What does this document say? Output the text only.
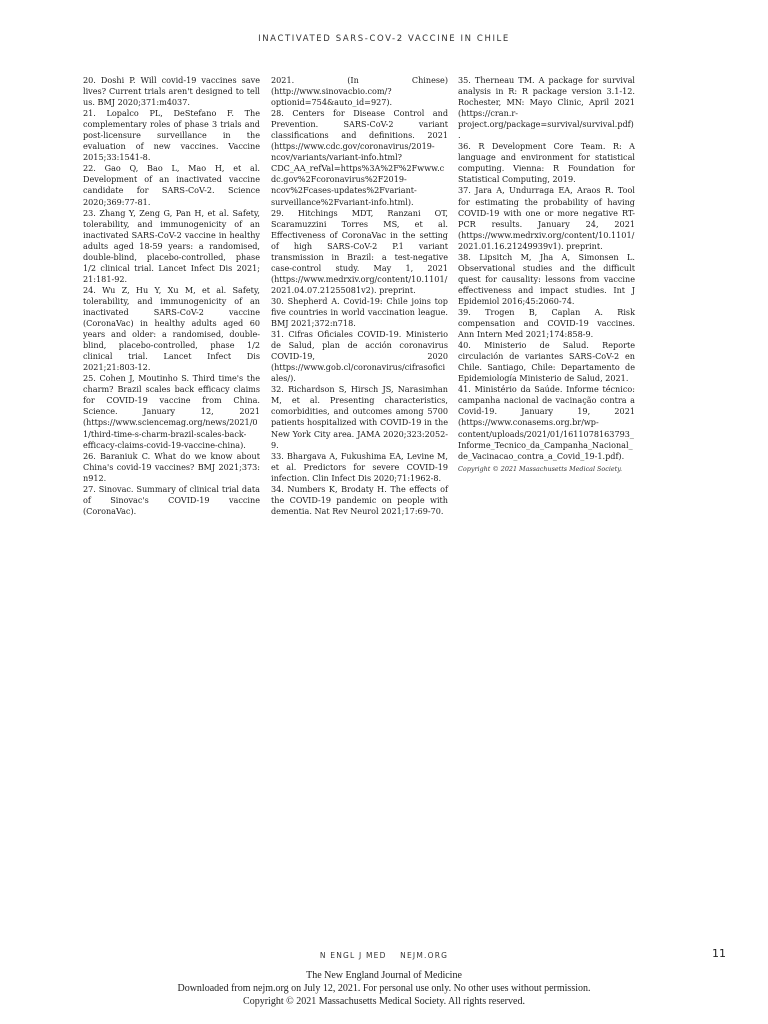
INACTIVATED SARS-COV-2 VACCINE IN CHILE

20. Doshi P. Will covid-19 vaccines save lives? Current trials aren't designed to tell us. BMJ 2020;371:m4037.

21. Lopalco PL, DeStefano F. The complementary roles of phase 3 trials and post-licensure surveillance in the evaluation of new vaccines. Vaccine 2015;33:1541-8.

22. Gao Q, Bao L, Mao H, et al. Development of an inactivated vaccine candidate for SARS-CoV-2. Science 2020;369:77-81.

23. Zhang Y, Zeng G, Pan H, et al. Safety, tolerability, and immunogenicity of an inactivated SARS-CoV-2 vaccine in healthy adults aged 18-59 years: a randomised, double-blind, placebo-controlled, phase 1/2 clinical trial. Lancet Infect Dis 2021; 21:181-92.

24. Wu Z, Hu Y, Xu M, et al. Safety, tolerability, and immunogenicity of an inactivated SARS-CoV-2 vaccine (CoronaVac) in healthy adults aged 60 years and older: a randomised, double-blind, placebo-controlled, phase 1/2 clinical trial. Lancet Infect Dis 2021;21:803-12.

25. Cohen J, Moutinho S. Third time's the charm? Brazil scales back efficacy claims for COVID-19 vaccine from China. Science. January 12, 2021 (https://www.sciencemag.org/news/2021/01/third-time-s-charm-brazil-scales-back-efficacy-claims-covid-19-vaccine-china).

26. Baraniuk C. What do we know about China's covid-19 vaccines? BMJ 2021;373: n912.

27. Sinovac. Summary of clinical trial data of Sinovac's COVID-19 vaccine (CoronaVac).

2021. (In Chinese) (http://www.sinovacbio.com/?optionid=754&auto_id=927).

28. Centers for Disease Control and Prevention. SARS-CoV-2 variant classifications and definitions. 2021 (https://www.cdc.gov/coronavirus/2019-ncov/variants/variant-info.html?CDC_AA_refVal=https%3A%2F%2Fwww.cdc.gov%2Fcoronavirus%2F2019-ncov%2Fcases-updates%2Fvariant-surveillance%2Fvariant-info.html).

29. Hitchings MDT, Ranzani OT, Scaramuzzini Torres MS, et al. Effectiveness of CoronaVac in the setting of high SARS-CoV-2 P.1 variant transmission in Brazil: a test-negative case-control study. May 1, 2021 (https://www.medrxiv.org/content/10.1101/2021.04.07.21255081v2). preprint.

30. Shepherd A. Covid-19: Chile joins top five countries in world vaccination league. BMJ 2021;372:n718.

31. Cifras Oficiales COVID-19. Ministerio de Salud, plan de acción coronavirus COVID-19, 2020 (https://www.gob.cl/coronavirus/cifrasoficiales/).

32. Richardson S, Hirsch JS, Narasimhan M, et al. Presenting characteristics, comorbidities, and outcomes among 5700 patients hospitalized with COVID-19 in the New York City area. JAMA 2020;323:2052-9.

33. Bhargava A, Fukushima EA, Levine M, et al. Predictors for severe COVID-19 infection. Clin Infect Dis 2020;71:1962-8.

34. Numbers K, Brodaty H. The effects of the COVID-19 pandemic on people with dementia. Nat Rev Neurol 2021;17:69-70.

35. Therneau TM. A package for survival analysis in R: R package version 3.1-12. Rochester, MN: Mayo Clinic, April 2021 (https://cran.r-project.org/package=survival/survival.pdf).

36. R Development Core Team. R: A language and environment for statistical computing. Vienna: R Foundation for Statistical Computing, 2019.

37. Jara A, Undurraga EA, Araos R. Tool for estimating the probability of having COVID-19 with one or more negative RT-PCR results. January 24, 2021 (https://www.medrxiv.org/content/10.1101/2021.01.16.21249939v1). preprint.

38. Lipsitch M, Jha A, Simonsen L. Observational studies and the difficult quest for causality: lessons from vaccine effectiveness and impact studies. Int J Epidemiol 2016;45:2060-74.

39. Trogen B, Caplan A. Risk compensation and COVID-19 vaccines. Ann Intern Med 2021;174:858-9.

40. Ministerio de Salud. Reporte circulación de variantes SARS-CoV-2 en Chile. Santiago, Chile: Departamento de Epidemiología Ministerio de Salud, 2021.

41. Ministério da Saúde. Informe técnico: campanha nacional de vacinação contra a Covid-19. January 19, 2021 (https://www.conasems.org.br/wp-content/uploads/2021/01/1611078163793_Informe_Tecnico_da_Campanha_Nacional_de_Vacinacao_contra_a_Covid_19-1.pdf).

Copyright © 2021 Massachusetts Medical Society.

N ENGL J MED NEJM.ORG	11
The New England Journal of Medicine
Downloaded from nejm.org on July 12, 2021. For personal use only. No other uses without permission.
Copyright © 2021 Massachusetts Medical Society. All rights reserved.
